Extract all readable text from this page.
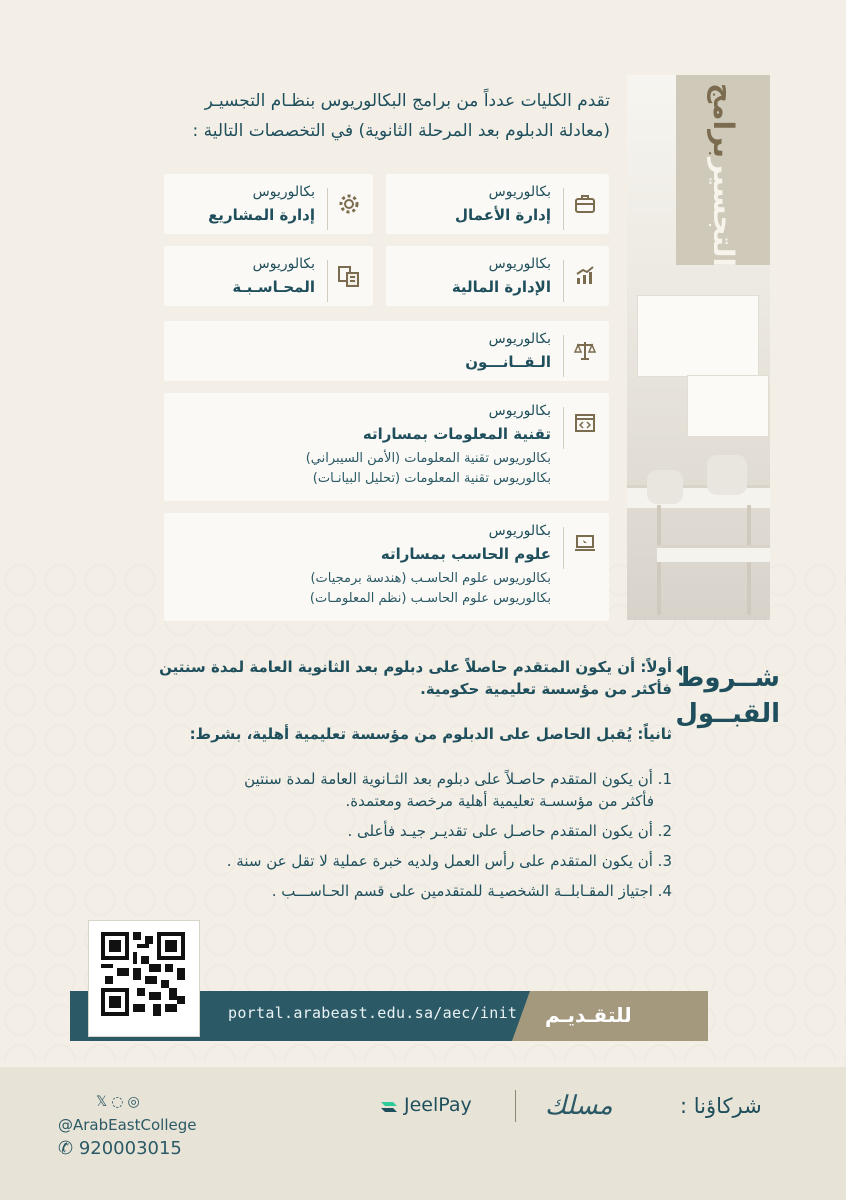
برامج
التجسير
تقدم الكليات عدداً من برامج البكالوريوس بنظـام التجسيـر
(معادلة الدبلوم بعد المرحلة الثانوية) في التخصصات التالية :
بكالوريوس
إدارة الأعمال
بكالوريوس
إدارة المشاريع
بكالوريوس
الإدارة المالية
بكالوريوس
المحـاسـبـة
بكالوريوس
الـقــانـــون
بكالوريوس
تقنية المعلومات بمساراته
بكالوريوس تقنية المعلومات (الأمن السيبراني)
بكالوريوس تقنية المعلومات (تحليل البيانـات)
بكالوريوس
علوم الحاسب بمساراته
بكالوريوس علوم الحاسـب (هندسة برمجيات)
بكالوريوس علوم الحاسـب (نظم المعلومـات)
شــروط
القبــول
أولاً: أن يكون المتقدم حاصلاً على دبلوم بعد الثانوية العامة لمدة سنتين
فأكثر من مؤسسة تعليمية حكومية.
ثانياً: يُقبل الحاصل على الدبلوم من مؤسسة تعليمية أهلية، بشرط:
1. أن يكون المتقدم حاصـلاً على دبلوم بعد الثـانوية العامة لمدة سنتين
فأكثر من مؤسسـة تعليمية أهلية مرخصة ومعتمدة.
2. أن يكون المتقدم حاصـل على تقديـر جيـد فأعلى .
3. أن يكون المتقدم على رأس العمل ولديه خبرة عملية لا تقل عن سنة .
4. اجتياز المقـابلــة الشخصيـة للمتقدمين على قسم الحـاســـب .
portal.arabeast.edu.sa/aec/init للتقـديـم
شركاؤنا :
مسلك
JeelPay
𝕏◌◎
@ArabEastCollege
✆ 920003015
